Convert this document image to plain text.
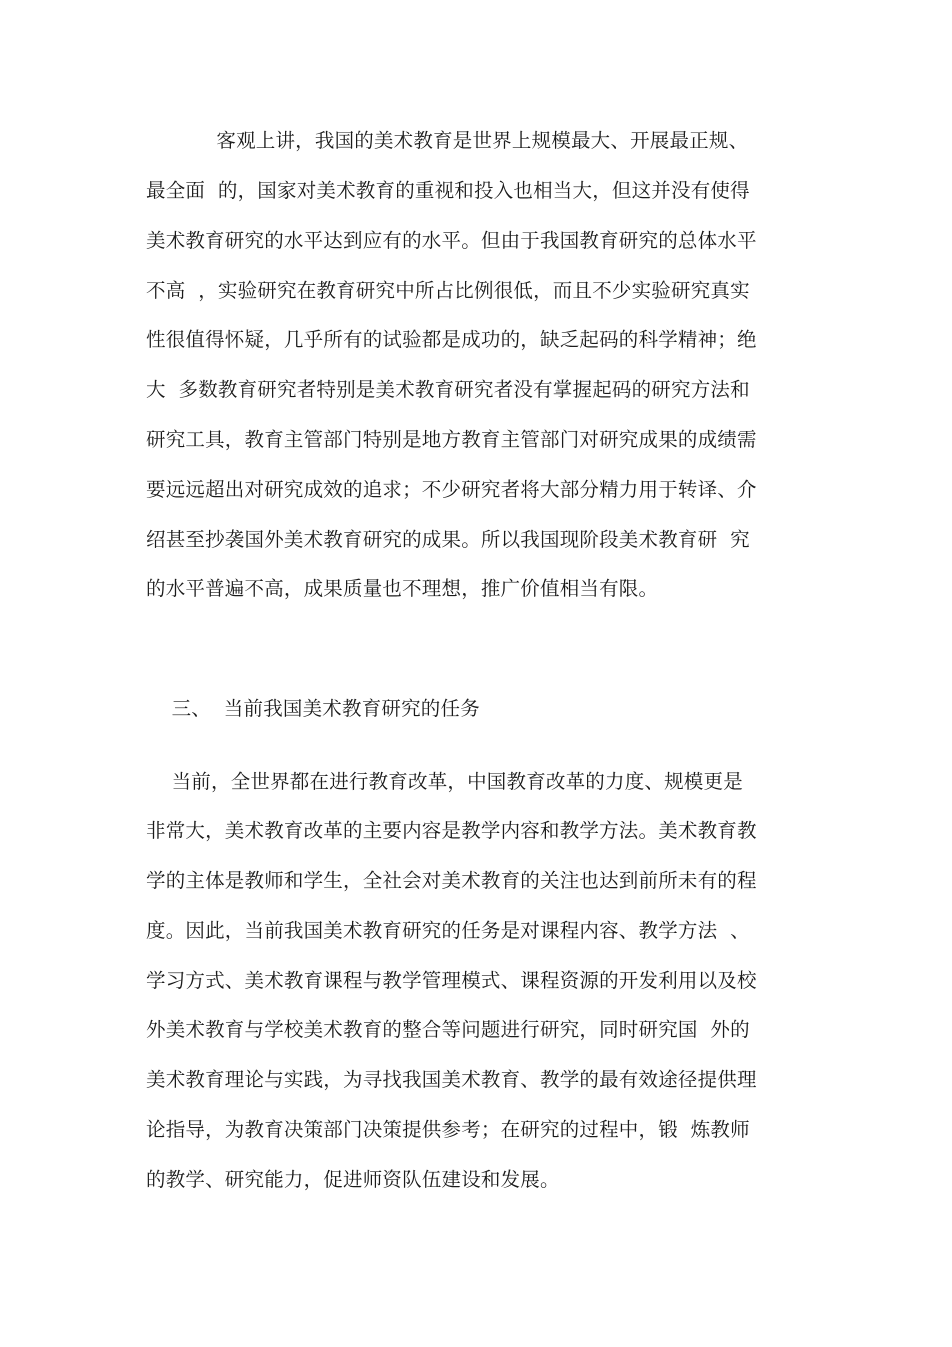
客观上讲，我国的美术教育是世界上规模最大、开展最正规、
最全面  的，国家对美术教育的重视和投入也相当大，但这并没有使得
美术教育研究的水平达到应有的水平。但由于我国教育研究的总体水平
不高  ，实验研究在教育研究中所占比例很低，而且不少实验研究真实
性很值得怀疑，几乎所有的试验都是成功的，缺乏起码的科学精神；绝
大  多数教育研究者特别是美术教育研究者没有掌握起码的研究方法和
研究工具，教育主管部门特别是地方教育主管部门对研究成果的成绩需
要远远超出对研究成效的追求；不少研究者将大部分精力用于转译、介
绍甚至抄袭国外美术教育研究的成果。所以我国现阶段美术教育研  究
的水平普遍不高，成果质量也不理想，推广价值相当有限。
三、  当前我国美术教育研究的任务
当前，全世界都在进行教育改革，中国教育改革的力度、规模更是
非常大，美术教育改革的主要内容是教学内容和教学方法。美术教育教
学的主体是教师和学生，全社会对美术教育的关注也达到前所未有的程
度。因此，当前我国美术教育研究的任务是对课程内容、教学方法  、
学习方式、美术教育课程与教学管理模式、课程资源的开发利用以及校
外美术教育与学校美术教育的整合等问题进行研究，同时研究国  外的
美术教育理论与实践，为寻找我国美术教育、教学的最有效途径提供理
论指导，为教育决策部门决策提供参考；在研究的过程中，锻  炼教师
的教学、研究能力，促进师资队伍建设和发展。
